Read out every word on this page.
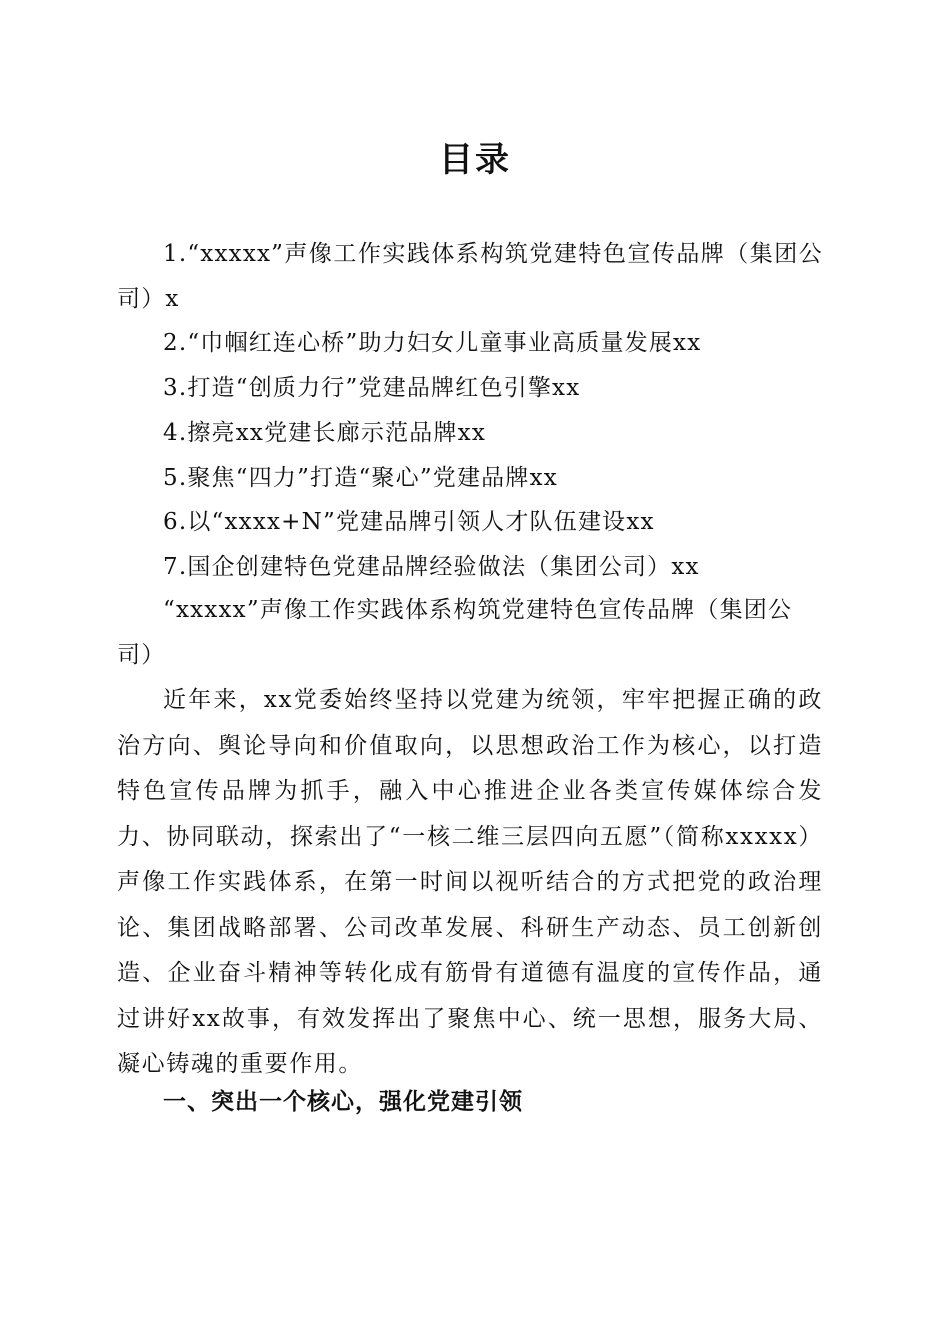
目录
1.“xxxxx”声像工作实践体系构筑党建特色宣传品牌（集团公司）x
2.“巾帼红连心桥”助力妇女儿童事业高质量发展xx
3.打造“创质力行”党建品牌红色引擎xx
4.擦亮xx党建长廊示范品牌xx
5.聚焦“四力”打造“聚心”党建品牌xx
6.以“xxxx+N”党建品牌引领人才队伍建设xx
7.国企创建特色党建品牌经验做法（集团公司）xx
“xxxxx”声像工作实践体系构筑党建特色宣传品牌（集团公司）
近年来，xx党委始终坚持以党建为统领，牢牢把握正确的政治方向、舆论导向和价值取向，以思想政治工作为核心，以打造特色宣传品牌为抓手，融入中心推进企业各类宣传媒体综合发力、协同联动，探索出了“一核二维三层四向五愿”（简称xxxxx）声像工作实践体系，在第一时间以视听结合的方式把党的政治理论、集团战略部署、公司改革发展、科研生产动态、员工创新创造、企业奋斗精神等转化成有筋骨有道德有温度的宣传作品，通过讲好xx故事，有效发挥出了聚焦中心、统一思想，服务大局、凝心铸魂的重要作用。
一、突出一个核心，强化党建引领
